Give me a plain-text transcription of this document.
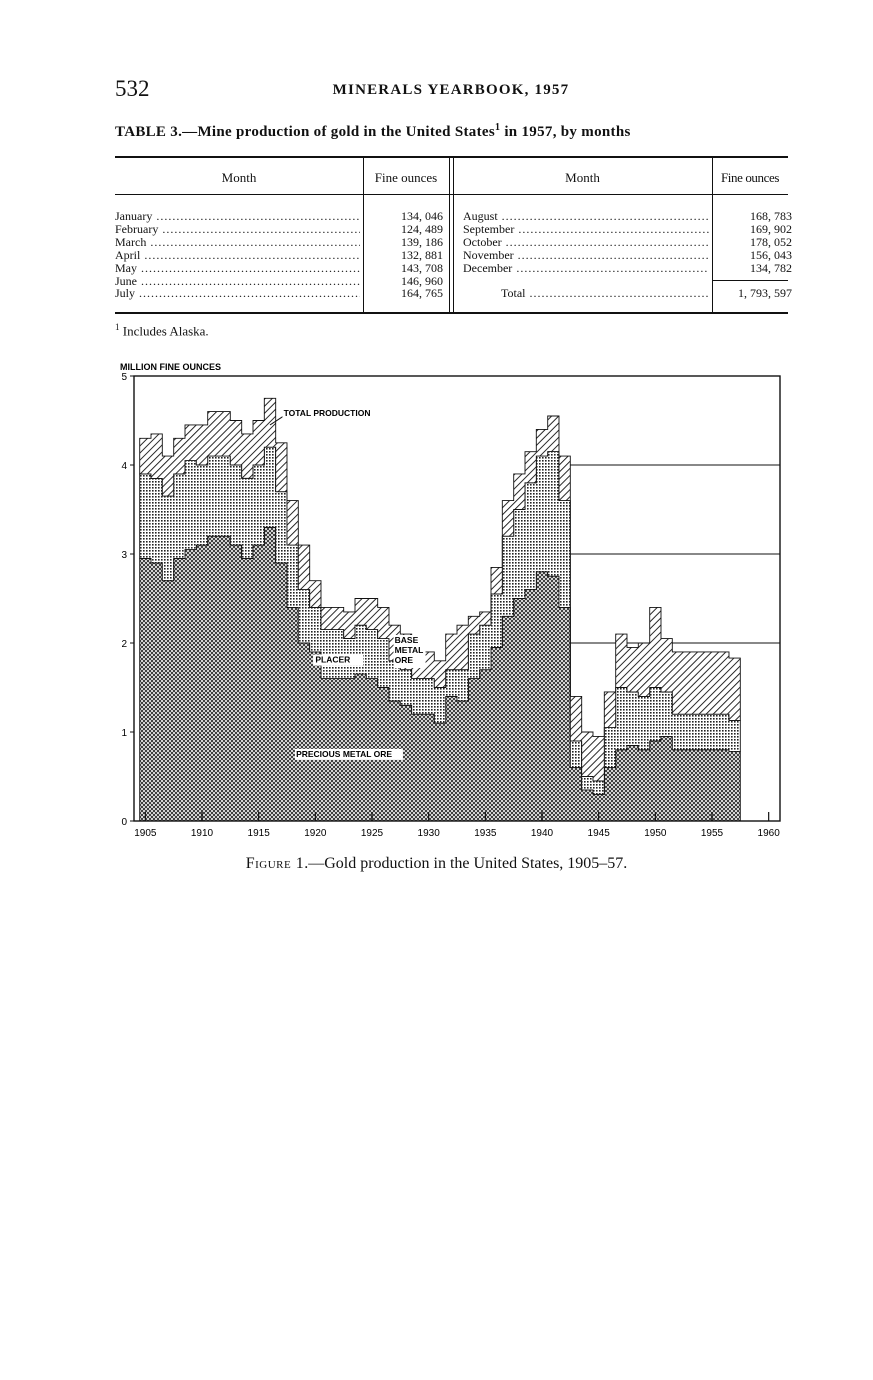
532	MINERALS YEARBOOK, 1957
TABLE 3.—Mine production of gold in the United States$^1$ in 1957, by months
Month	Fine ounces	Month	Fine ounces
January .....	134, 046
February .....	124, 489
March .....	139, 186
April .....	132, 881
May .....	143, 708
June .....	146, 960
July .....	164, 765
August .....	168, 783
September .....	169, 902
October .....	178, 052
November .....	156, 043
December .....	134, 782
Total .....	1, 793, 597
$^1$ Includes Alaska.
0
1
2
3
4
5
1905	1910	1915	1920	1925	1930	1935	1940	1945	1950	1955	1960
MILLION FINE OUNCES
TOTAL PRODUCTION
PLACER
BASE METAL ORE
PRECIOUS METAL ORE
Figure 1.—Gold production in the United States, 1905–57.
